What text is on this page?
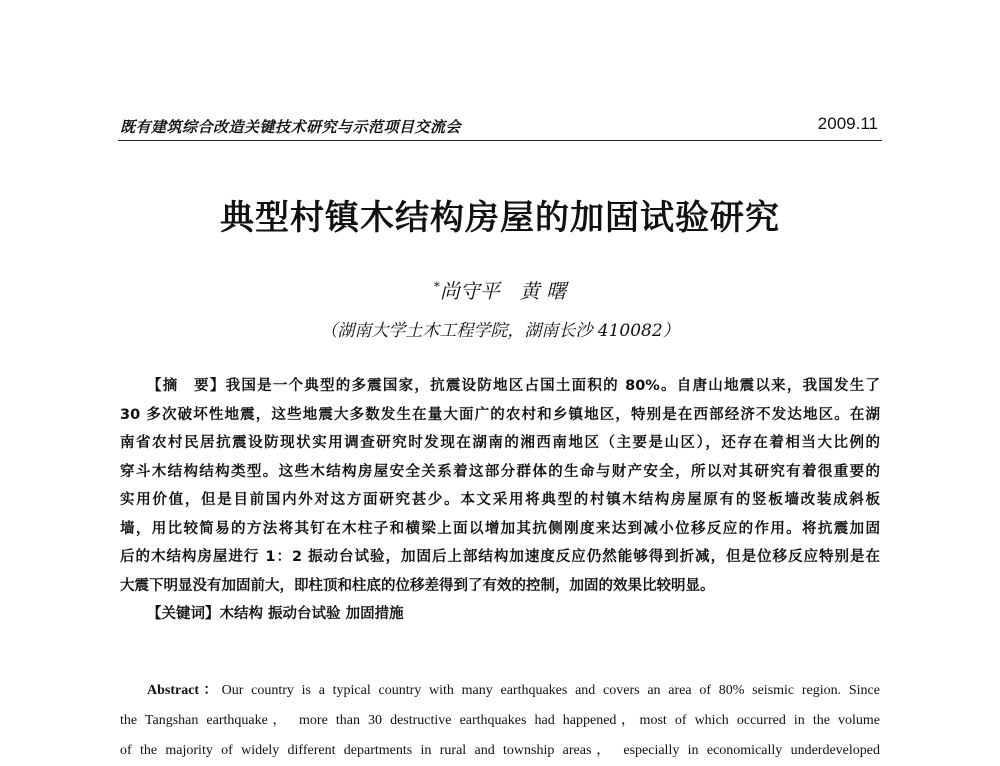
既有建筑综合改造关键技术研究与示范项目交流会	2009.11
典型村镇木结构房屋的加固试验研究
*尚守平　黄 曙
（湖南大学土木工程学院，湖南长沙 410082）
【摘　要】我国是一个典型的多震国家，抗震设防地区占国土面积的 80%。自唐山地震以来，我国发生了
30 多次破坏性地震，这些地震大多数发生在量大面广的农村和乡镇地区，特别是在西部经济不发达地区。在湖
南省农村民居抗震设防现状实用调查研究时发现在湖南的湘西南地区（主要是山区），还存在着相当大比例的
穿斗木结构结构类型。这些木结构房屋安全关系着这部分群体的生命与财产安全，所以对其研究有着很重要的
实用价值，但是目前国内外对这方面研究甚少。本文采用将典型的村镇木结构房屋原有的竖板墙改装成斜板
墙，用比较简易的方法将其钉在木柱子和横梁上面以增加其抗侧刚度来达到减小位移反应的作用。将抗震加固
后的木结构房屋进行 1：2 振动台试验，加固后上部结构加速度反应仍然能够得到折减，但是位移反应特别是在
大震下明显没有加固前大，即柱顶和柱底的位移差得到了有效的控制，加固的效果比较明显。
【关键词】木结构 振动台试验 加固措施
Abstract：Our country is a typical country with many earthquakes and covers an area of 80% seismic region. Since
the Tangshan earthquake， more than 30 destructive earthquakes had happened，most of which occurred in the volume
of the majority of widely different departments in rural and township areas， especially in economically underdeveloped
